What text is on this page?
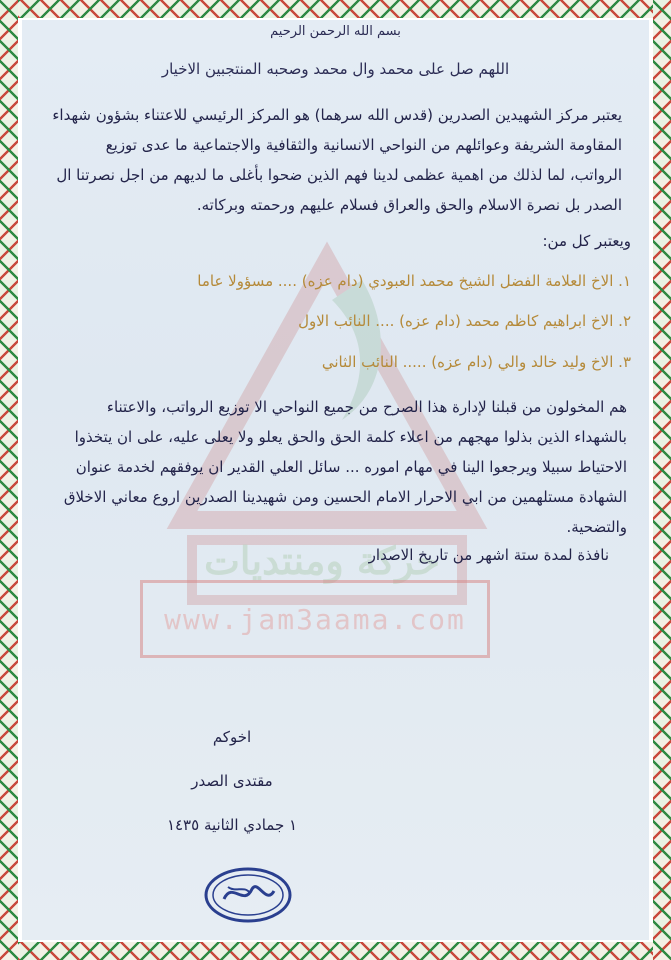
حركة ومنتديات
www.jam3aama.com
بسم الله الرحمن الرحيم
اللهم صل على محمد وال محمد وصحبه المنتجبين الاخيار
يعتبر مركز الشهيدين الصدرين (قدس الله سرهما) هو المركز الرئيسي للاعتناء بشؤون شهداء المقاومة الشريفة وعوائلهم من النواحي الانسانية والثقافية والاجتماعية ما عدى توزيع الرواتب، لما لذلك من اهمية عظمى لدينا فهم الذين ضحوا بأغلى ما لديهم من اجل نصرتنا ال الصدر بل نصرة الاسلام والحق والعراق فسلام عليهم ورحمته وبركاته.
ويعتبر كل من:
١. الاخ العلامة الفضل الشيخ محمد العبودي (دام عزه) .... مسؤولا عاما
٢. الاخ ابراهيم كاظم محمد (دام عزه) .... النائب الاول
٣. الاخ وليد خالد والي (دام عزه) ..... النائب الثاني
هم المخولون من قبلنا لإدارة هذا الصرح من جميع النواحي الا توزيع الرواتب، والاعتناء بالشهداء الذين بذلوا مهجهم من اعلاء كلمة الحق والحق يعلو ولا يعلى عليه، على ان يتخذوا الاحتياط سبيلا ويرجعوا الينا في مهام اموره ... سائل العلي القدير ان يوفقهم لخدمة عنوان الشهادة مستلهمين من ابي الاحرار الامام الحسين ومن شهيدينا الصدرين اروع معاني الاخلاق والتضحية.
نافذة لمدة ستة اشهر من تاريخ الاصدار
اخوكم
مقتدى الصدر
١ جمادي الثانية ١٤٣٥
